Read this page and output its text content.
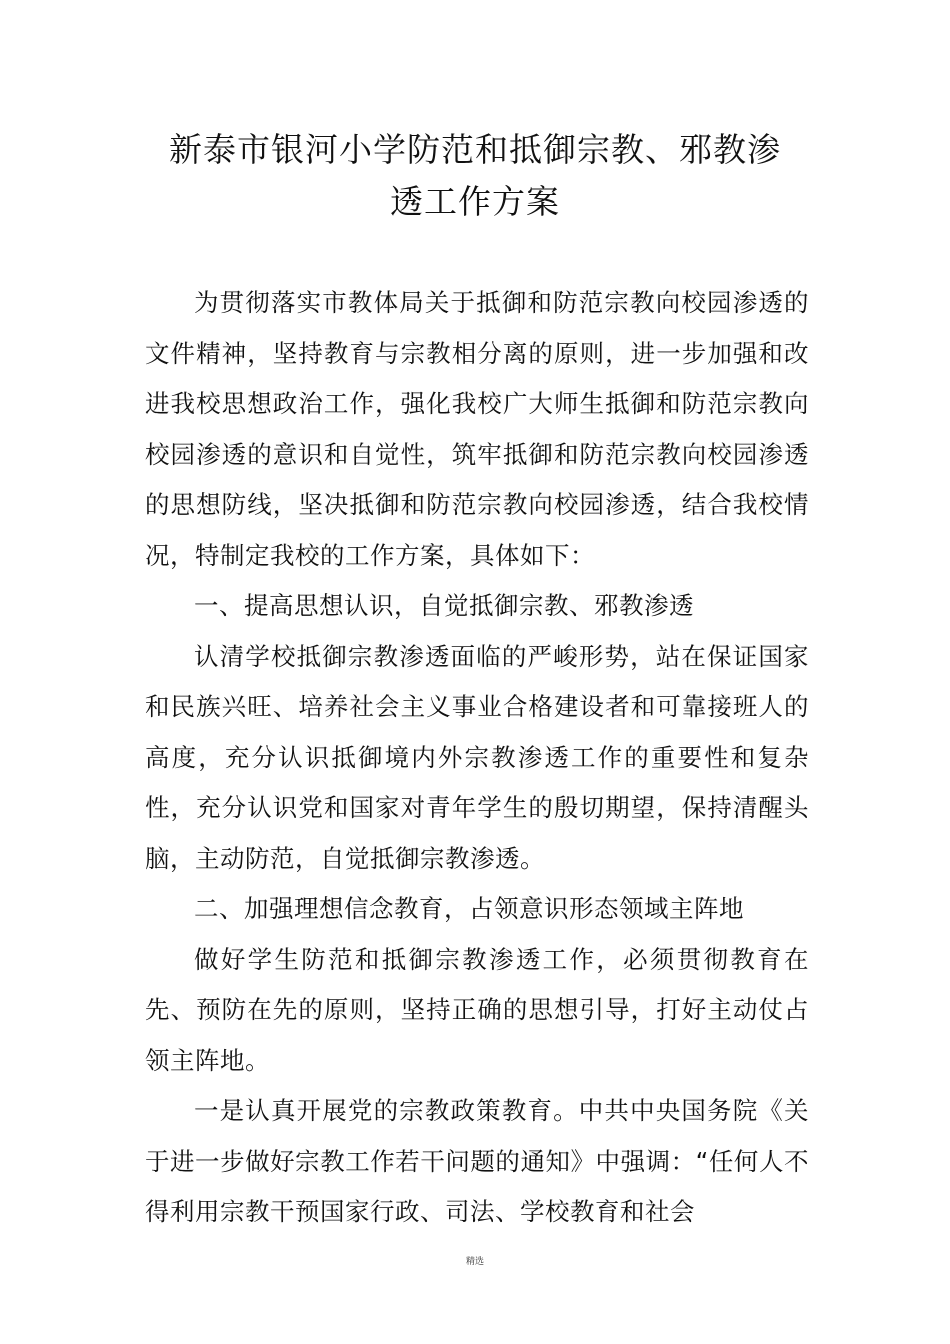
新泰市银河小学防范和抵御宗教、邪教渗
透工作方案

为贯彻落实市教体局关于抵御和防范宗教向校园渗透的文件精神，坚持教育与宗教相分离的原则，进一步加强和改进我校思想政治工作，强化我校广大师生抵御和防范宗教向校园渗透的意识和自觉性，筑牢抵御和防范宗教向校园渗透的思想防线，坚决抵御和防范宗教向校园渗透，结合我校情况，特制定我校的工作方案，具体如下：

一、提高思想认识，自觉抵御宗教、邪教渗透

认清学校抵御宗教渗透面临的严峻形势，站在保证国家和民族兴旺、培养社会主义事业合格建设者和可靠接班人的高度，充分认识抵御境内外宗教渗透工作的重要性和复杂性，充分认识党和国家对青年学生的殷切期望，保持清醒头脑，主动防范，自觉抵御宗教渗透。

二、加强理想信念教育，占领意识形态领域主阵地

做好学生防范和抵御宗教渗透工作，必须贯彻教育在先、预防在先的原则，坚持正确的思想引导，打好主动仗占领主阵地。

一是认真开展党的宗教政策教育。中共中央国务院《关于进一步做好宗教工作若干问题的通知》中强调：“任何人不得利用宗教干预国家行政、司法、学校教育和社会

精选
